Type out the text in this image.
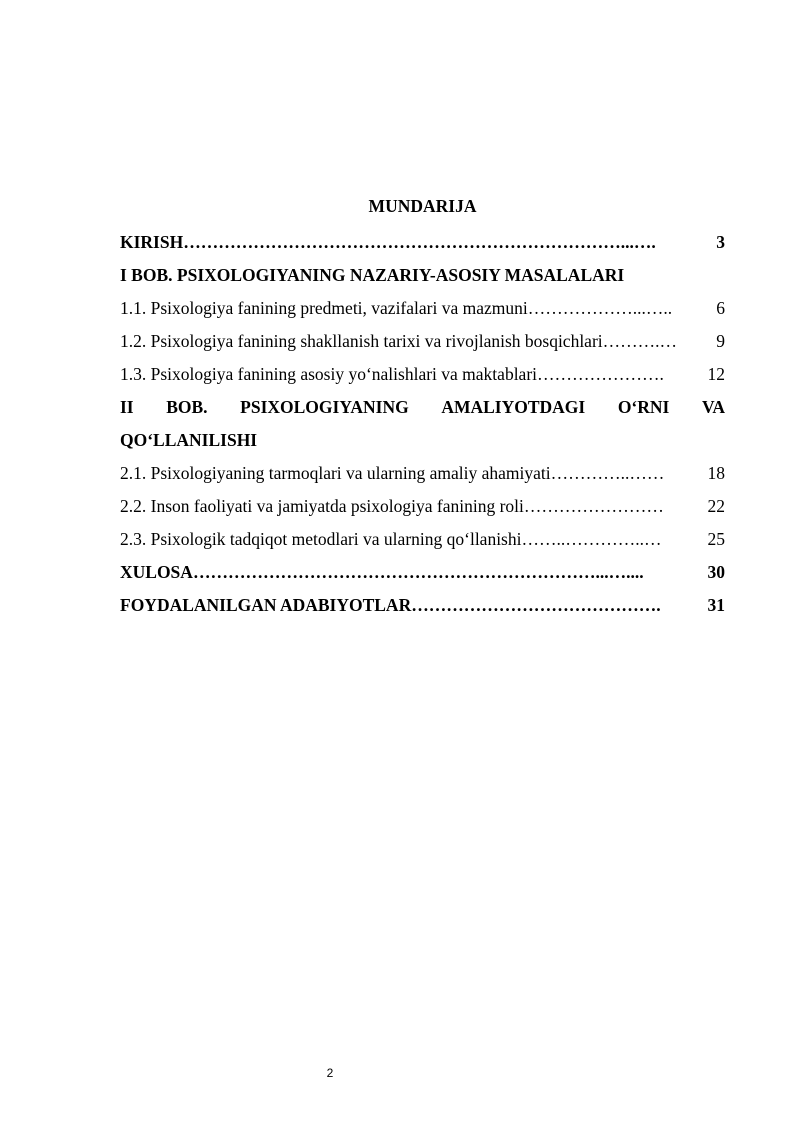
MUNDARIJA
KIRISH …………………………………………………………………...….	3
I BOB. PSIXOLOGIYANING NAZARIY-ASOSIY MASALALARI
1.1. Psixologiya fanining predmeti, vazifalari va mazmuni ………………...…..	6
1.2. Psixologiya fanining shakllanish tarixi va rivojlanish bosqichlari ……….…	9
1.3. Psixologiya fanining asosiy yo‘nalishlari va maktablari ………………….	12
II BOB. PSIXOLOGIYANING AMALIYOTDAGI O‘RNI VA
QO‘LLANILISHI
2.1. Psixologiyaning tarmoqlari va ularning amaliy ahamiyati …………..……	18
2.2. Inson faoliyati va jamiyatda psixologiya fanining roli ……………………	22
2.3. Psixologik tadqiqot metodlari va ularning qo‘llanishi ……..…………..…	25
XULOSA ……………………………………………………………...…....	30
FOYDALANILGAN ADABIYOTLAR …………………………………….	31
2
